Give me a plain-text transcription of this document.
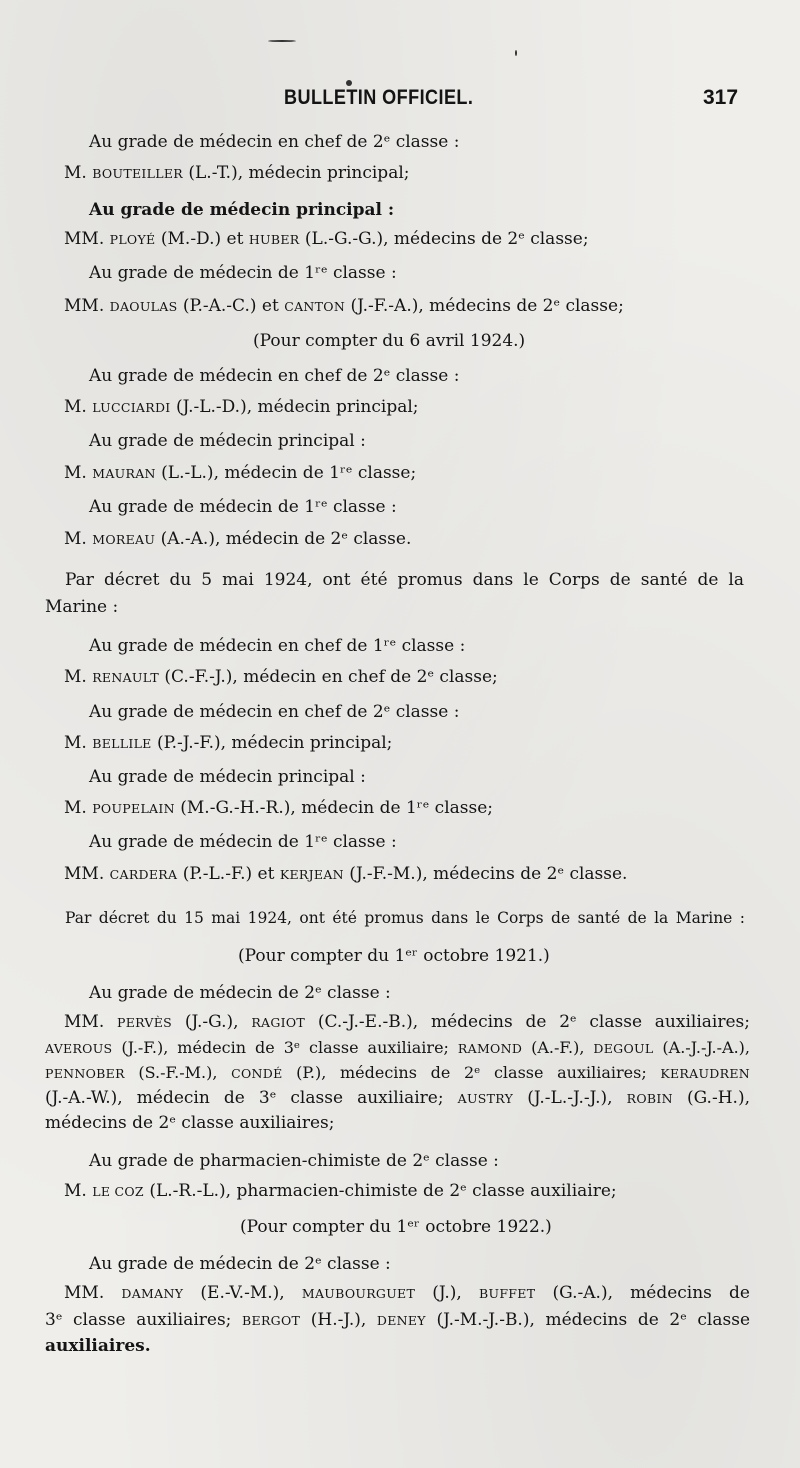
BULLETIN OFFICIEL.	317
Au grade de médecin en chef de 2ᵉ classe :
M. BOUTEILLER (L.-T.), médecin principal;
Au grade de médecin principal :
MM. PLOYÉ (M.-D.) et HUBER (L.-G.-G.), médecins de 2ᵉ classe;
Au grade de médecin de 1ʳᵉ classe :
MM. DAOULAS (P.-A.-C.) et CANTON (J.-F.-A.), médecins de 2ᵉ classe;
(Pour compter du 6 avril 1924.)
Au grade de médecin en chef de 2ᵉ classe :
M. LUCCIARDI (J.-L.-D.), médecin principal;
Au grade de médecin principal :
M. MAURAN (L.-L.), médecin de 1ʳᵉ classe;
Au grade de médecin de 1ʳᵉ classe :
M. MOREAU (A.-A.), médecin de 2ᵉ classe.
Par décret du 5 mai 1924, ont été promus dans le Corps de santé de la
Marine :
Au grade de médecin en chef de 1ʳᵉ classe :
M. RENAULT (C.-F.-J.), médecin en chef de 2ᵉ classe;
Au grade de médecin en chef de 2ᵉ classe :
M. BELLILE (P.-J.-F.), médecin principal;
Au grade de médecin principal :
M. POUPELAIN (M.-G.-H.-R.), médecin de 1ʳᵉ classe;
Au grade de médecin de 1ʳᵉ classe :
MM. CARDERA (P.-L.-F.) et KERJEAN (J.-F.-M.), médecins de 2ᵉ classe.
Par décret du 15 mai 1924, ont été promus dans le Corps de santé de la Marine :
(Pour compter du 1ᵉʳ octobre 1921.)
Au grade de médecin de 2ᵉ classe :
MM. PERVÈS (J.-G.), RAGIOT (C.-J.-E.-B.), médecins de 2ᵉ classe auxiliaires;
AVEROUS (J.-F.), médecin de 3ᵉ classe auxiliaire; RAMOND (A.-F.), DEGOUL (A.-J.-J.-A.),
PENNOBER (S.-F.-M.), CONDÉ (P.), médecins de 2ᵉ classe auxiliaires; KERAUDREN
(J.-A.-W.), médecin de 3ᵉ classe auxiliaire; AUSTRY (J.-L.-J.-J.), ROBIN (G.-H.),
médecins de 2ᵉ classe auxiliaires;
Au grade de pharmacien-chimiste de 2ᵉ classe :
M. LE COZ (L.-R.-L.), pharmacien-chimiste de 2ᵉ classe auxiliaire;
(Pour compter du 1ᵉʳ octobre 1922.)
Au grade de médecin de 2ᵉ classe :
MM. DAMANY (E.-V.-M.), MAUBOURGUET (J.), BUFFET (G.-A.), médecins de
3ᵉ classe auxiliaires; BERGOT (H.-J.), DENEY (J.-M.-J.-B.), médecins de 2ᵉ classe
auxiliaires.
